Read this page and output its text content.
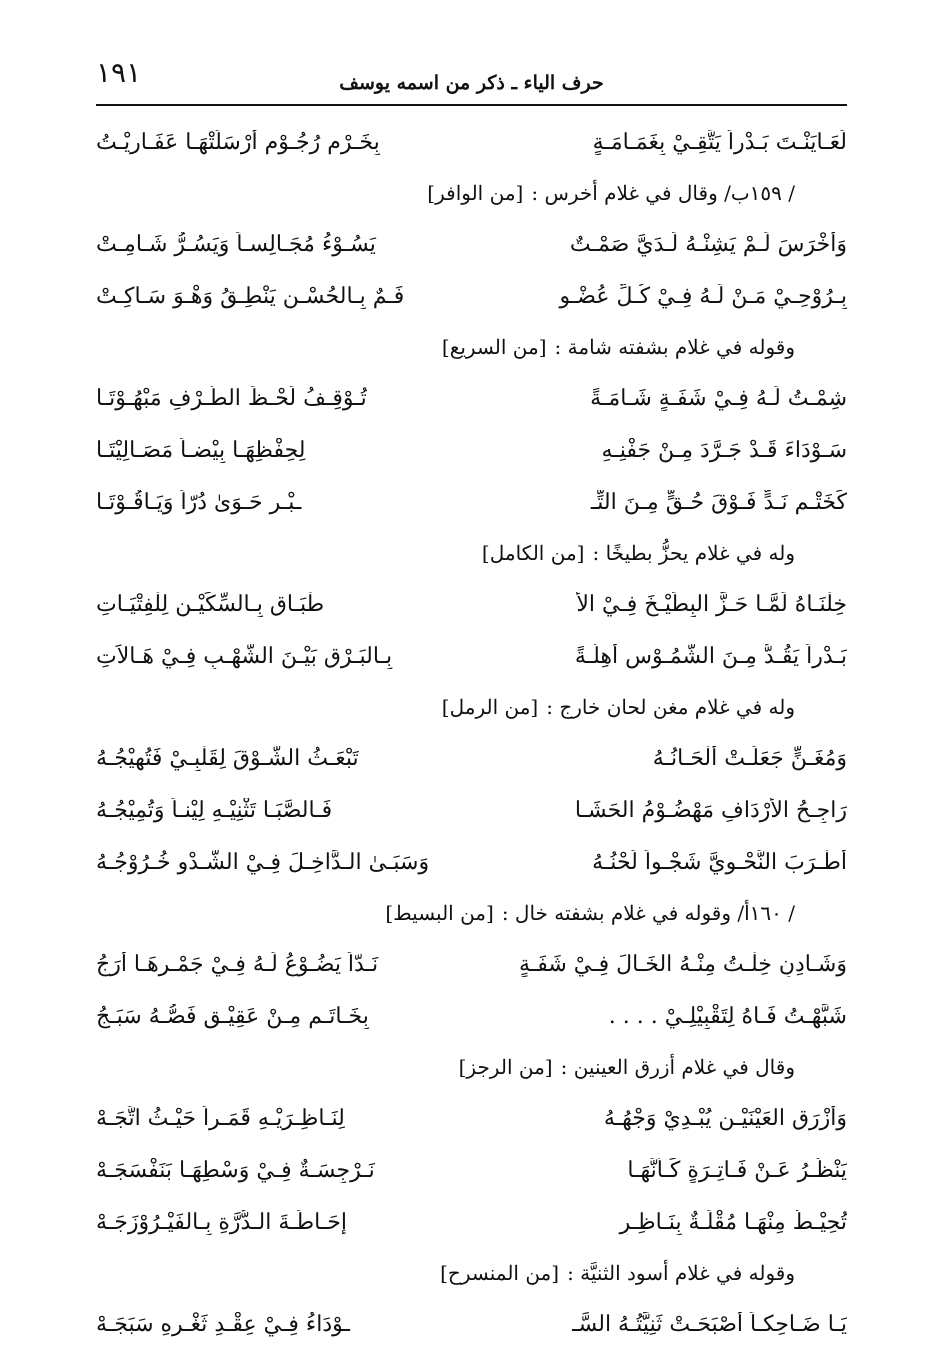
١٩١	حرف الياء ـ ذكر من اسمه يوسف
لَعَـايَنْـتَ بَـدْراً يَتَّقِـيْ بِغَمَـامَـةٍ
بِخَـرْمِ رُجُـوْمٍ أَرْسَلَتْهَـا عَفَـارِيْـتُ
/ ١٥٩ب/ وقال في غلام أخرس :[من الوافر]
وَأَخْرَسَ لَـمْ يَشِنْـهُ لَـدَيَّ صَمْـتٌ
يَسُـوْءُ مُجَـالِسـاً وَيَسُـرُّ شَـامِـتْ
بِـرُوْحِـيْ مَـنْ لَـهُ فِـيْ كُـلِّ عُضْـوٍ
فَـمٌ بِـالحُسْـنِ يَنْطِـقُ وَهْـوَ سَـاكِـتْ
وقوله في غلام بشفته شامة :[من السريع]
شِمْـتُ لَـهُ فِـيْ شَفَـةٍ شَـامَـةً
تُـوْقِـفُ لَحْـظَ الطَّـرْفِ مَبْهُـوْتَـا
سَـوْدَاءَ قَـدْ جَـرَّدَ مِـنْ جَفْنِـهِ
لِحِفْظِهَـا بِيْضـاً مَصَـالِيْتَـا
كَخَتْـمِ نَـدٍّ فَـوْقَ حُـقٍّ مِـنَ التِّـ
ـبْـرِ حَـوَىٰ دُرّاً وَيَـاقُـوْتَـا
وله في غلام يحزُّ بطيخًا :[من الكامل]
خِلْنَـاهُ لَمَّـا حَـزَّ البِطِّيْـخَ فِـيْ الأَ
طْبَـاقِ بِـالسِّكِّيْـنِ لِلْفِتْيَـاتِ
بَـدْراً يَقُـدُّ مِـنَ الشُّمُـوْسِ أَهِلَّـةً
بِـالبَـرْقِ بَيْـنَ الشُّهْـبِ فِـيْ هَـالاَتِ
وله في غلام مغن لحان خارج :[من الرمل]
وَمُغَـنٍّ جَعَلَـتْ أَلْحَـانُـهُ
تَبْعَـثُ الشَّـوْقَ لِقَلْبِـيْ فَتُهِيْجُـهُ
رَاجِـحُ الأَرْدَافِ مَهْضُـوْمُ الحَشَـا
فَـالصَّبَـا تَثْنِيْـهِ لِيْنـاً وَتُمِيْجُـهُ
أَطْـرَبَ النَّحْـوِيَّ شَجْـواً لَحْنُـهُ
وَسَبَـىٰ الـدَّاخِـلَ فِـيْ الشَّـدْوِ خُـرُوْجُـهُ
/ ١٦٠أ/ وقوله في غلام بشفته خال :[من البسيط]
وَشَـادِنٍ خِلْـتُ مِنْـهُ الخَـالَ فِـيْ شَفَـةٍ
نَـدّاً يَضُـوْعُ لَـهُ فِـيْ جَمْـرِهَـا أَرَجُ
شَبَّهْـتُ فَـاهُ لِتَقْبِيْلِـيْ . . . .
بِخَـاتَـمٍ مِـنْ عَقِيْـقٍ فَصُّـهُ سَبَـجُ
وقال في غلام أزرق العينين :[من الرجز]
وَأَزْرَقِ العَيْنَيْـنِ يُبْـدِيْ وَجْهُـهُ
لِنَـاظِـرَيْـهِ قَمَـراً حَيْـثُ اتَّجَـهْ
يَنْظُـرُ عَـنْ فَـاتِـرَةٍ كَـأَنَّهَـا
نَـرْجِسَـةٌ فِـيْ وَسْطِهَـا بَنَفْسَجَـهْ
تُحِيْـطُ مِنْهَـا مُقْلَـةٌ بِنَـاظِـرٍ
إِحَـاطَـةَ الـدُّرَّةِ بِـالفَيْـرُوْزَجَـهْ
وقوله في غلام أسود الثنيَّة :[من المنسرح]
يَـا ضَـاحِكـاً أَصْبَحَـتْ ثَنِيَّتُـهُ السَّـ
ـوْدَاءُ فِـيْ عِقْـدِ ثَغْـرِهِ سَبَجَـهْ
